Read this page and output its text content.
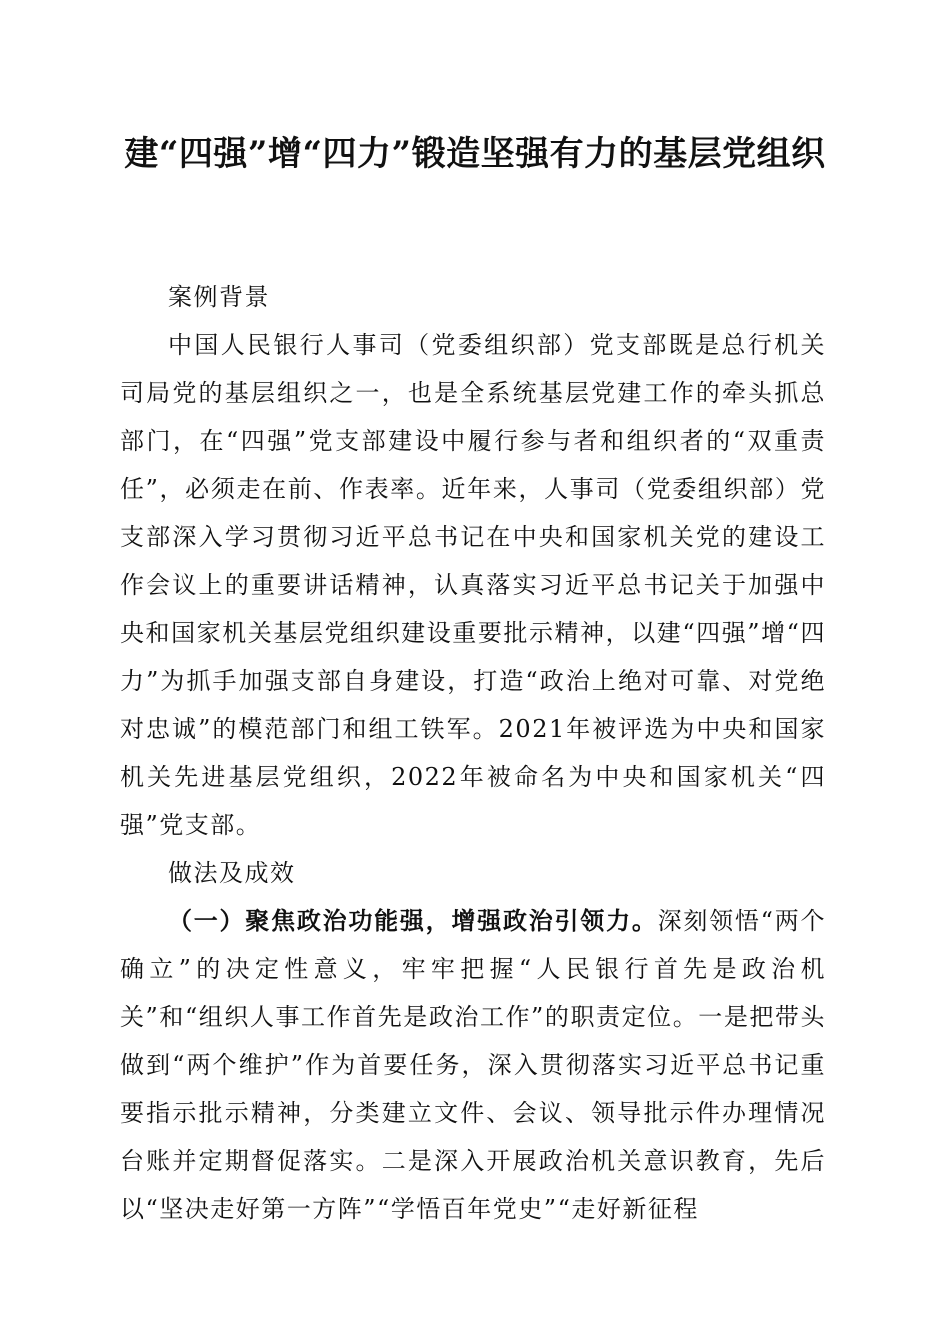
建“四强”增“四力”锻造坚强有力的基层党组织

案例背景

中国人民银行人事司（党委组织部）党支部既是总行机关司局党的基层组织之一，也是全系统基层党建工作的牵头抓总部门，在“四强”党支部建设中履行参与者和组织者的“双重责任”，必须走在前、作表率。近年来，人事司（党委组织部）党支部深入学习贯彻习近平总书记在中央和国家机关党的建设工作会议上的重要讲话精神，认真落实习近平总书记关于加强中央和国家机关基层党组织建设重要批示精神，以建“四强”增“四力”为抓手加强支部自身建设，打造“政治上绝对可靠、对党绝对忠诚”的模范部门和组工铁军。2021年被评选为中央和国家机关先进基层党组织，2022年被命名为中央和国家机关“四强”党支部。

做法及成效

（一）聚焦政治功能强，增强政治引领力。深刻领悟“两个确立”的决定性意义，牢牢把握“人民银行首先是政治机关”和“组织人事工作首先是政治工作”的职责定位。一是把带头做到“两个维护”作为首要任务，深入贯彻落实习近平总书记重要指示批示精神，分类建立文件、会议、领导批示件办理情况台账并定期督促落实。二是深入开展政治机关意识教育，先后以“坚决走好第一方阵”“学悟百年党史”“走好新征程
